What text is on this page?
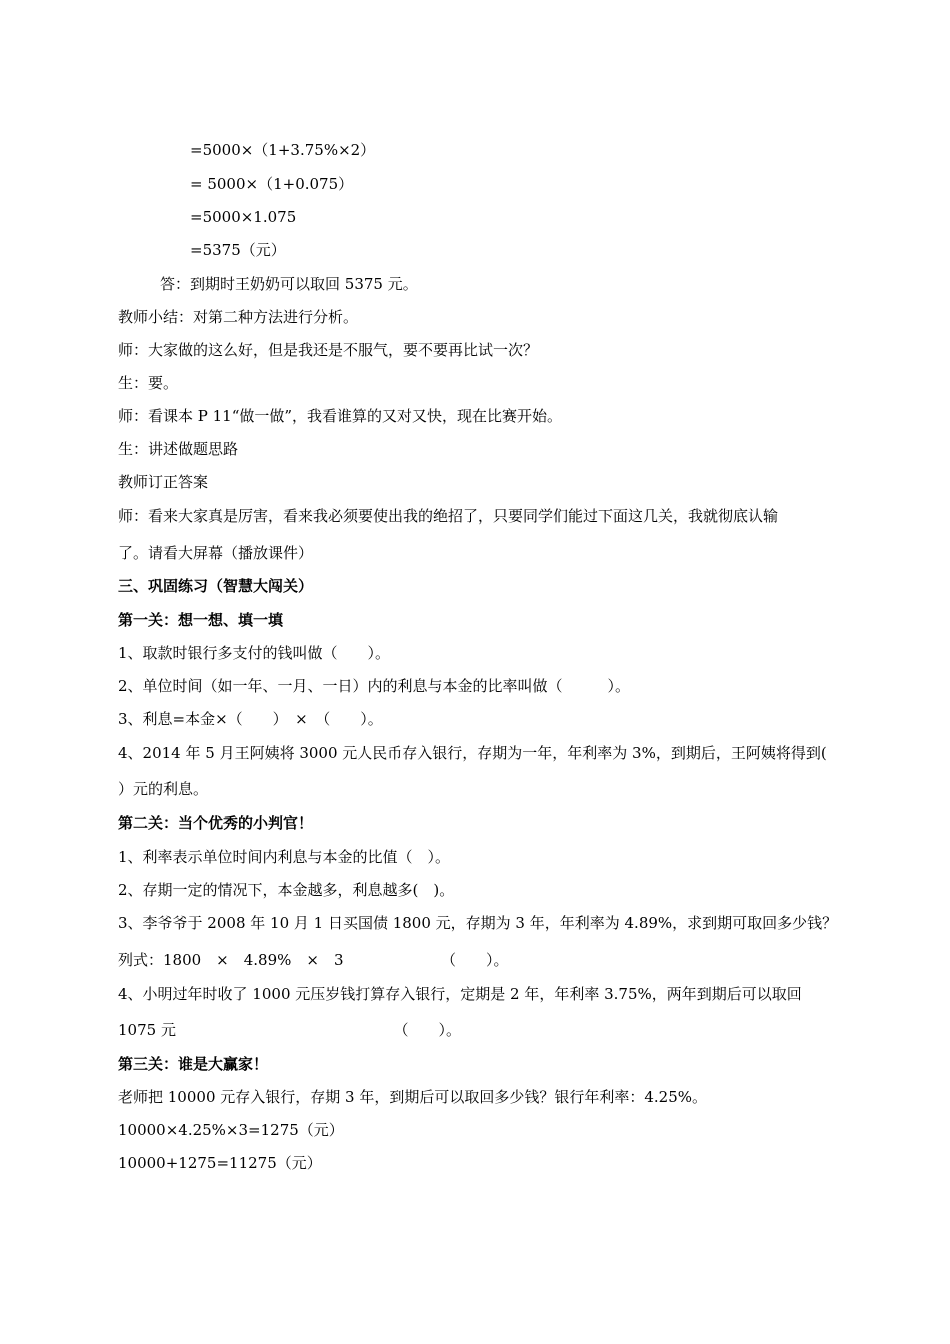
=5000×（1+3.75%×2）
= 5000×（1+0.075）
=5000×1.075
=5375（元）
答：到期时王奶奶可以取回 5375 元。
教师小结：对第二种方法进行分析。
师：大家做的这么好，但是我还是不服气，要不要再比试一次？
生：要。
师：看课本 P 11“做一做”，我看谁算的又对又快，现在比赛开始。
生：讲述做题思路
教师订正答案
师：看来大家真是厉害，看来我必须要使出我的绝招了，只要同学们能过下面这几关，我就彻底认输
了。请看大屏幕（播放课件）
三、巩固练习（智慧大闯关）
第一关：想一想、填一填
1、取款时银行多支付的钱叫做（　　）。
2、单位时间（如一年、一月、一日）内的利息与本金的比率叫做（　　　）。
3、利息=本金×（　　）　×　（　　）。
4、2014 年 5 月王阿姨将 3000 元人民币存入银行，存期为一年，年利率为 3%，到期后，王阿姨将得到(
）元的利息。
第二关：当个优秀的小判官！
1、利率表示单位时间内利息与本金的比值（　）。
2、存期一定的情况下，本金越多，利息越多(　)。
3、李爷爷于 2008 年 10 月 1 日买国债 1800 元，存期为 3 年，年利率为 4.89%，求到期可取回多少钱？
列式：1800　×　4.89%　×　3　　　　　　　（　　）。
4、小明过年时收了 1000 元压岁钱打算存入银行，定期是 2 年，年利率 3.75%，两年到期后可以取回
1075 元　　　　　　　　　　　　　　　（　　）。
第三关：谁是大赢家！
老师把 10000 元存入银行，存期 3 年，到期后可以取回多少钱？银行年利率：4.25%。
10000×4.25%×3=1275（元）
10000+1275=11275（元）
